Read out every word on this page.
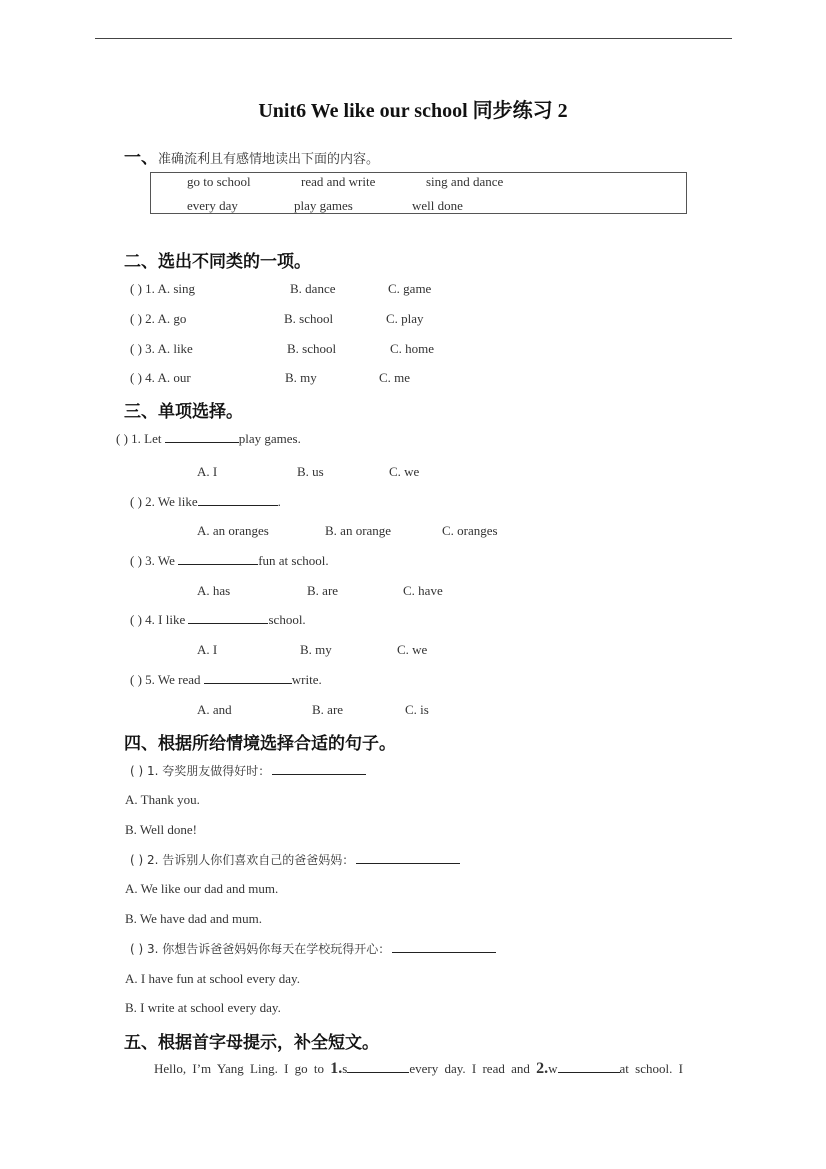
Unit6 We like our school 同步练习 2
一、准确流利且有感情地读出下面的内容。
go to school	read and write	sing and dance
every day	play games	well done
二、选出不同类的一项。
( ) 1. A. sing	B. dance	C. game
( ) 2. A. go	B. school	C. play
( ) 3. A. like	B. school	C. home
( ) 4. A. our	B. my	C. me
三、单项选择。
( ) 1. Let	play games.
A. I	B. us	C. we
( ) 2. We like	.
A. an oranges	B. an orange	C. oranges
( ) 3. We	fun at school.
A. has	B. are	C. have
( ) 4. I like	school.
A. I	B. my	C. we
( ) 5. We read	write.
A. and	B. are	C. is
四、根据所给情境选择合适的句子。
( ) 1. 夸奖朋友做得好时：
A. Thank you.
B. Well done!
( ) 2. 告诉别人你们喜欢自己的爸爸妈妈：
A. We like our dad and mum.
B. We have dad and mum.
( ) 3. 你想告诉爸爸妈妈你每天在学校玩得开心：
A. I have fun at school every day.
B. I write at school every day.
五、根据首字母提示，补全短文。
Hello, I’m Yang Ling. I go to 1.s	every day. I read and 2.w	at school. I
